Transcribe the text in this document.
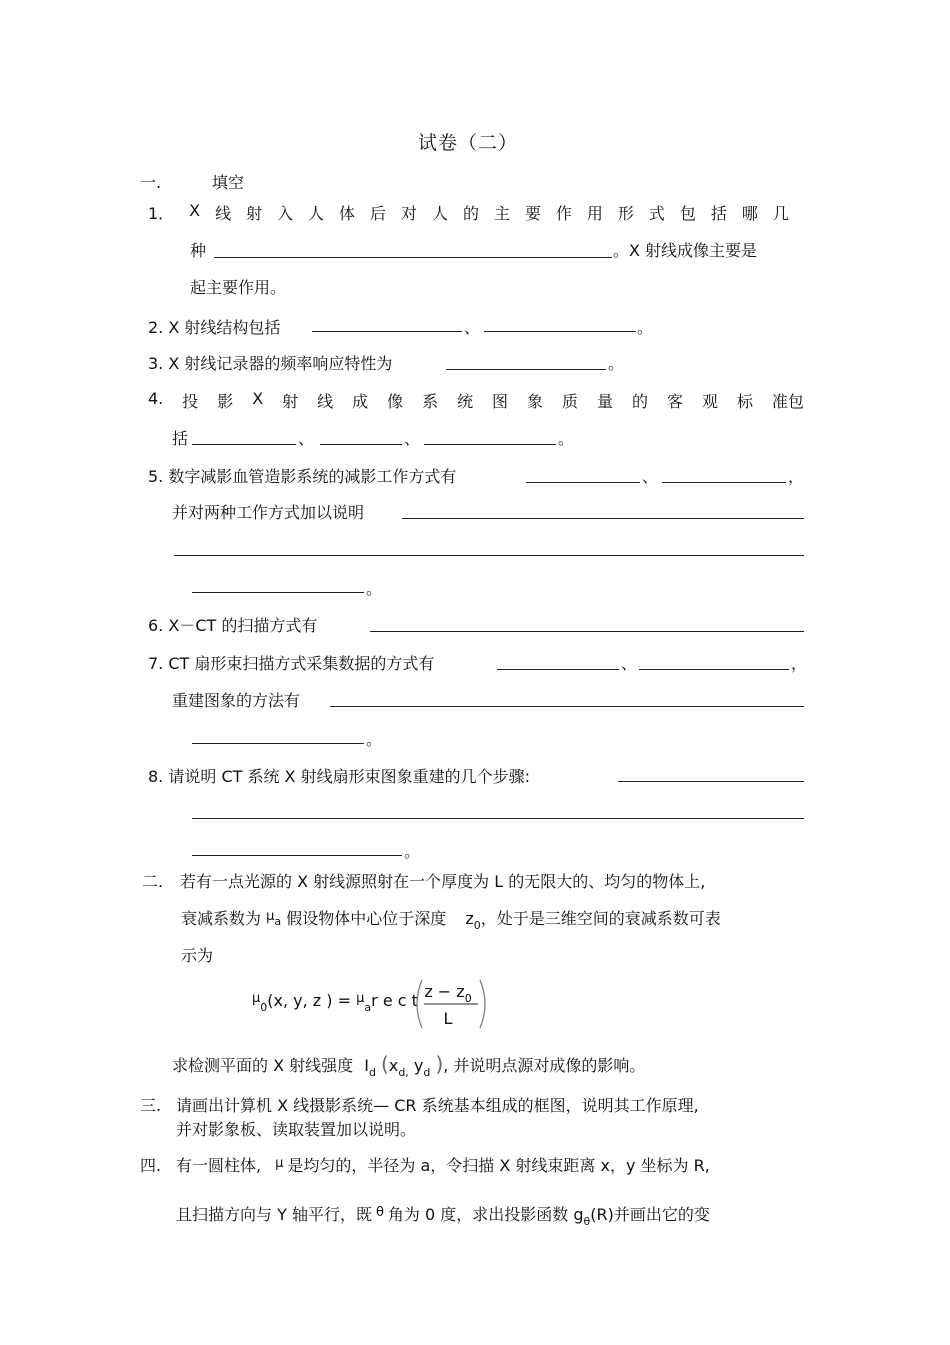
试卷（二）
一.	填空
1． X 线 射 入 人 体 后 对 人 的 主 要 作 用 形 式 包 括 哪 几
种	。X 射线成像主要是
起主要作用。
2. X 射线结构包括	、	。
3. X 射线记录器的频率响应特性为	。
4. 投 影 X 射 线 成 像 系 统 图 象 质 量 的 客 观 标 准包
括	、	、	。
5. 数字减影血管造影系统的减影工作方式有	、	，
并对两种工作方式加以说明
。
6. X－CT 的扫描方式有
7. CT 扇形束扫描方式采集数据的方式有	、	，
重建图象的方法有
。
8. 请说明 CT 系统 X 射线扇形束图象重建的几个步骤:
。
二. 若有一点光源的 X 射线源照射在一个厚度为 L 的无限大的、均匀的物体上,
衰减系数为 $^{\mu_a}$ 假设物体中心位于深度 $z_0$，处于是三维空间的衰减系数可表
示为
$^\mu_0$(x, y, z ) = $^\mu_a$r e c t $z - z_0$
L
求检测平面的 X 射线强度 $I_d$ ($x_{d,}$ $y_d$ ), 并说明点源对成像的影响。
三. 请画出计算机 X 线摄影系统— CR 系统基本组成的框图，说明其工作原理,
并对影象板、读取装置加以说明。
四. 有一圆柱体, $^\mu$ 是均匀的，半径为 a，令扫描 X 射线束距离 x，y 坐标为 R,
且扫描方向与 Y 轴平行，既 $^\theta$ 角为 0 度，求出投影函数 $g_\theta(R)$并画出它的变
